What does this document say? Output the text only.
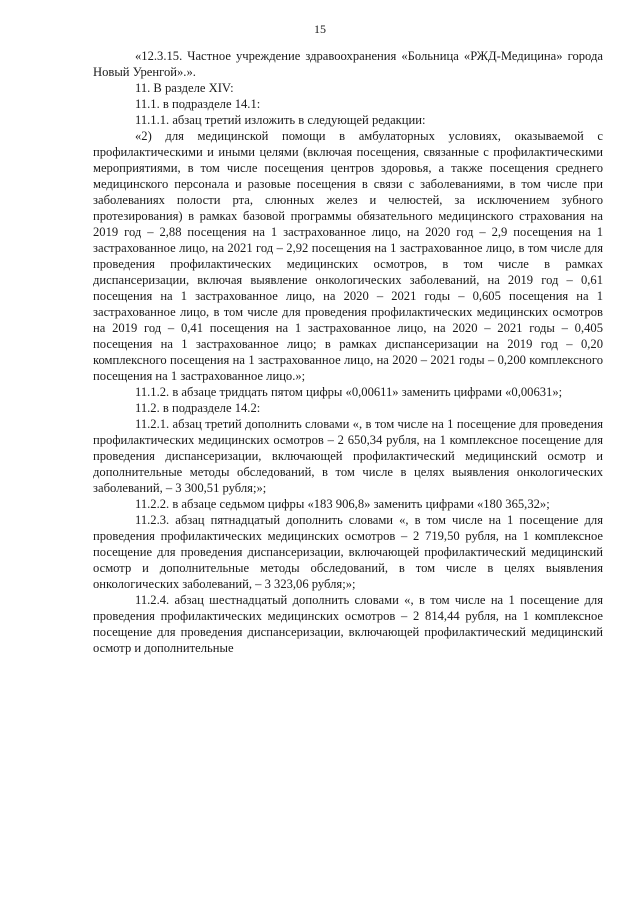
15

«12.3.15. Частное учреждение здравоохранения «Больница «РЖД-Медицина» города Новый Уренгой».».

11. В разделе XIV:

11.1. в подразделе 14.1:

11.1.1. абзац третий изложить в следующей редакции:

«2) для медицинской помощи в амбулаторных условиях, оказываемой с профилактическими и иными целями (включая посещения, связанные с профилактическими мероприятиями, в том числе посещения центров здоровья, а также посещения среднего медицинского персонала и разовые посещения в связи с заболеваниями, в том числе при заболеваниях полости рта, слюнных желез и челюстей, за исключением зубного протезирования) в рамках базовой программы обязательного медицинского страхования на 2019 год – 2,88 посещения на 1 застрахованное лицо, на 2020 год – 2,9 посещения на 1 застрахованное лицо, на 2021 год – 2,92 посещения на 1 застрахованное лицо, в том числе для проведения профилактических медицинских осмотров, в том числе в рамках диспансеризации, включая выявление онкологических заболеваний, на 2019 год – 0,61 посещения на 1 застрахованное лицо, на 2020 – 2021 годы – 0,605 посещения на 1 застрахованное лицо, в том числе для проведения профилактических медицинских осмотров на 2019 год – 0,41 посещения на 1 застрахованное лицо, на 2020 – 2021 годы – 0,405 посещения на 1 застрахованное лицо; в рамках диспансеризации на 2019 год – 0,20 комплексного посещения на 1 застрахованное лицо, на 2020 – 2021 годы – 0,200 комплексного посещения на 1 застрахованное лицо.»;

11.1.2. в абзаце тридцать пятом цифры «0,00611» заменить цифрами «0,00631»;

11.2. в подразделе 14.2:

11.2.1. абзац третий дополнить словами «, в том числе на 1 посещение для проведения профилактических медицинских осмотров – 2 650,34 рубля, на 1 комплексное посещение для проведения диспансеризации, включающей профилактический медицинский осмотр и дополнительные методы обследований, в том числе в целях выявления онкологических заболеваний, – 3 300,51 рубля;»;

11.2.2. в абзаце седьмом цифры «183 906,8» заменить цифрами «180 365,32»;

11.2.3. абзац пятнадцатый дополнить словами «, в том числе на 1 посещение для проведения профилактических медицинских осмотров – 2 719,50 рубля, на 1 комплексное посещение для проведения диспансеризации, включающей профилактический медицинский осмотр и дополнительные методы обследований, в том числе в целях выявления онкологических заболеваний, – 3 323,06 рубля;»;

11.2.4. абзац шестнадцатый дополнить словами «, в том числе на 1 посещение для проведения профилактических медицинских осмотров – 2 814,44 рубля, на 1 комплексное посещение для проведения диспансеризации, включающей профилактический медицинский осмотр и дополнительные
